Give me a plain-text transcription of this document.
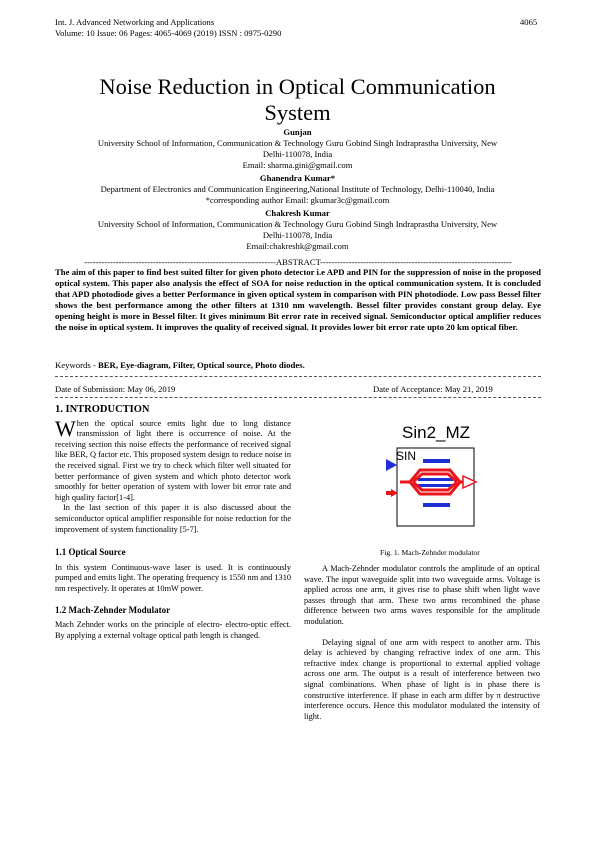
Int. J. Advanced Networking and Applications
Volume: 10 Issue: 06 Pages: 4065-4069 (2019) ISSN : 0975-0290
4065
Noise Reduction in Optical Communication
System
Gunjan
University School of Information, Communication & Technology Guru Gobind Singh Indraprastha University, New
Delhi-110078, India
Email: sharma.gini@gmail.com
Ghanendra Kumar*
Department of Electronics and Communication Engineering,National Institute of Technology, Delhi-110040, India
*corresponding author Email: gkumar3c@gmail.com
Chakresh Kumar
University School of Information, Communication & Technology Guru Gobind Singh Indraprastha University, New
Delhi-110078, India
Email:chakreshk@gmail.com
-------------------------------------------------------------------ABSTRACT-------------------------------------------------------------------
The aim of this paper to find best suited filter for given photo detector i.e APD and PIN for the suppression of noise in the proposed optical system. This paper also analysis the effect of SOA for noise reduction in the optical communication system. It is concluded that APD photodiode gives a better Performance in given optical system in comparison with PIN photodiode. Low pass Bessel filter shows the best performance among the other filters at 1310 nm wavelength. Bessel filter provides constant group delay. Eye opening height is more in Bessel filter. It gives minimum Bit error rate in received signal. Semiconductor optical amplifier reduces the noise in optical system. It improves the quality of received signal. It provides lower bit error rate upto 20 km optical fiber.
Keywords - BER, Eye-diagram, Filter, Optical source, Photo diodes.
Date of Submission: May 06, 2019	Date of Acceptance: May 21, 2019
1. INTRODUCTION

When the optical source emits light due to long distance transmission of light there is occurrence of noise. At the receiving section this noise effects the performance of received signal like BER, Q factor etc. This proposed system design to reduce noise in the received signal. First we try to check which filter well situated for better performance of given system and which photo detector work smoothly for better operation of system with lower bit error rate and high quality factor[1-4].

In the last section of this paper it is also discussed about the semiconductor optical amplifier responsible for noise reduction for the improvement of system functionality [5-7].

1.1 Optical Source

In this system Continuous-wave laser is used. It is continuously pumped and emits light. The operating frequency is 1550 nm and 1310 nm respectively. It operates at 10mW power.

1.2 Mach-Zehnder Modulator

Mach Zehnder works on the principle of electro- electro-optic effect. By applying a external voltage optical path length is changed.

Sin2_MZ
SIN
Fig. 1. Mach-Zehnder modulator

A Mach-Zehnder modulator controls the amplitude of an optical wave. The input waveguide split into two waveguide arms. Voltage is applied across one arm, it gives rise to phase shift when light wave passes through that arm. These two arms recombined the phase difference between two arms waves responsible for the amplitude modulation.

Delaying signal of one arm with respect to another arm. This delay is achieved by changing refractive index of one arm. This refractive index change is proportional to external applied voltage across one arm. The output is a result of interference between two signal combinations. When phase of light is in phase there is constructive interference. If phase in each arm differ by π destructive interference occurs. Hence this modulator modulated the intensity of light.
